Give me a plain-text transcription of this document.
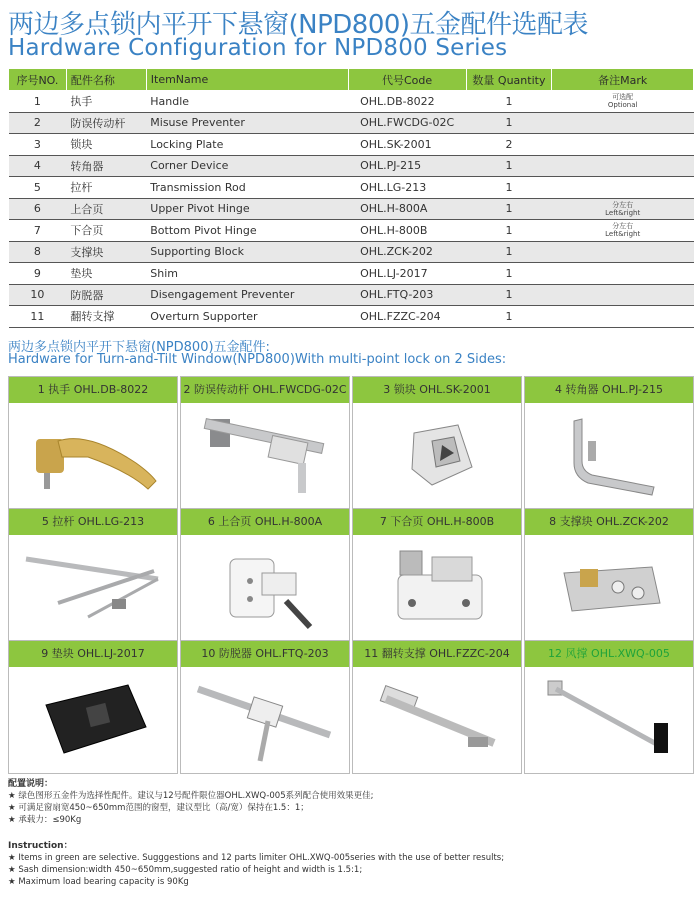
两边多点锁内平开下悬窗(NPD800)五金配件选配表
Hardware Configuration for NPD800 Series
序号NO.	配件名称	ItemName	代号Code	数量 Quantity	备注Mark
1	执手	Handle	OHL.DB-8022	1	可选配
Optional

2	防误传动杆	Misuse Preventer	OHL.FWCDG-02C	1	

3	锁块	Locking Plate	OHL.SK-2001	2	

4	转角器	Corner Device	OHL.PJ-215	1	

5	拉杆	Transmission Rod	OHL.LG-213	1	

6	上合页	Upper Pivot Hinge	OHL.H-800A	1	分左右
Left&right

7	下合页	Bottom Pivot Hinge	OHL.H-800B	1	分左右
Left&right

8	支撑块	Supporting Block	OHL.ZCK-202	1	

9	垫块	Shim	OHL.LJ-2017	1	

10	防脱器	Disengagement Preventer	OHL.FTQ-203	1	

11	翻转支撑	Overturn Supporter	OHL.FZZC-204	1	
两边多点锁内平开下悬窗(NPD800)五金配件:
Hardware for Turn-and-Tilt Window(NPD800)With multi-point lock on 2 Sides:
1 执手 OHL.DB-8022	2 防误传动杆 OHL.FWCDG-02C	3 锁块 OHL.SK-2001	4 转角器 OHL.PJ-215
5 拉杆 OHL.LG-213	6 上合页 OHL.H-800A	7 下合页 OHL.H-800B	8 支撑块 OHL.ZCK-202
9 垫块 OHL.LJ-2017	10 防脱器 OHL.FTQ-203	11 翻转支撑 OHL.FZZC-204	12 风撑 OHL.XWQ-005
配置说明：
★ 绿色图形五金件为选择性配件。建议与12号配件限位器OHL.XWQ-005系列配合使用效果更佳;
★ 可满足窗扇宽450~650mm范围的窗型，建议型比（高/宽）保持在1.5：1；
★ 承载力：≤90Kg
Instruction：
★ Items in green are selective. Sugggestions and 12 parts limiter OHL.XWQ-005series with the use of better results;
★ Sash dimension:width 450~650mm,suggested ratio of height and width is 1.5:1;
★ Maximum load bearing capacity is 90Kg
